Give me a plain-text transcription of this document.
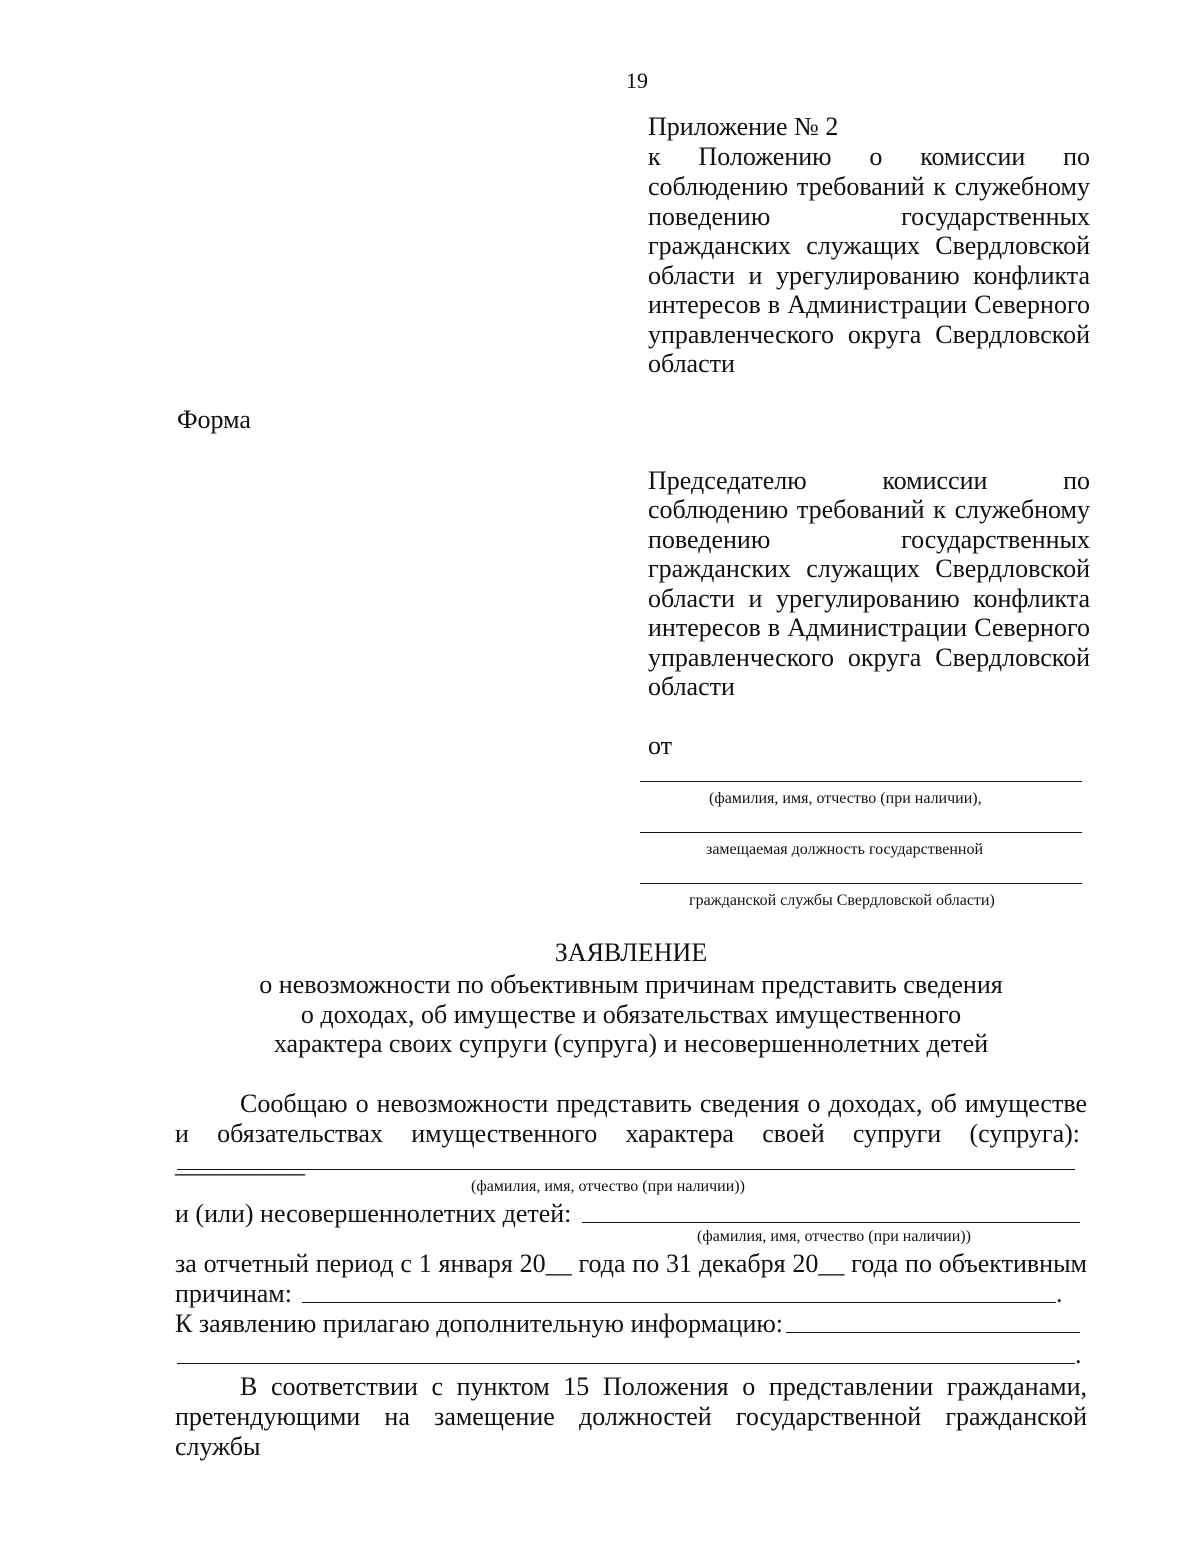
19
Приложение № 2
к Положению о комиссии по
соблюдению требований к служебному
поведению государственных
гражданских служащих Свердловской
области и урегулированию конфликта
интересов в Администрации Северного
управленческого округа Свердловской
области
Форма
Председателю комиссии по
соблюдению требований к служебному
поведению государственных
гражданских служащих Свердловской
области и урегулированию конфликта
интересов в Администрации Северного
управленческого округа Свердловской
области
от
(фамилия, имя, отчество (при наличии),
замещаемая должность государственной
гражданской службы Свердловской области)
ЗАЯВЛЕНИЕ
о невозможности по объективным причинам представить сведения
о доходах, об имуществе и обязательствах имущественного
характера своих супруги (супруга) и несовершеннолетних детей
Сообщаю о невозможности представить сведения о доходах, об имуществе
и обязательствах имущественного характера своей супруги (супруга): __________
(фамилия, имя, отчество (при наличии))
и (или) несовершеннолетних детей:
(фамилия, имя, отчество (при наличии))
за отчетный период с 1 января 20__ года по 31 декабря 20__ года по объективным
причинам:	.
К заявлению прилагаю дополнительную информацию:
.
В соответствии с пунктом 15 Положения о представлении гражданами,
претендующими на замещение должностей государственной гражданской службы
